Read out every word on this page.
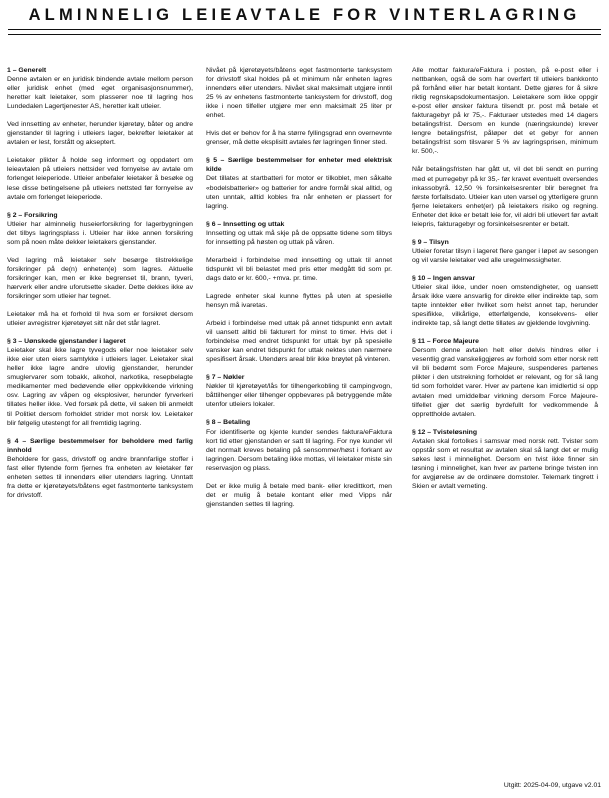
ALMINNELIG LEIEAVTALE FOR VINTERLAGRING
1 – Generelt

Denne avtalen er en juridisk bindende avtale mellom person eller juridisk enhet (med eget organisasjonsnummer), heretter kalt leietaker, som plasserer noe til lagring hos Lundedalen Lagertjenester AS, heretter kalt utleier.

Ved innsetting av enheter, herunder kjøretøy, båter og andre gjenstander til lagring i utleiers lager, bekrefter leietaker at avtalen er lest, forstått og akseptert.

Leietaker plikter å holde seg informert og oppdatert om leieavtalen på utleiers nettsider ved fornyelse av avtale om forlenget leieperiode. Utleier anbefaler leietaker å besøke og lese disse betingelsene på utleiers nettsted før fornyelse av avtale om forlenget leieperiode.

§ 2 – Forsikring

Utleier har alminnelig huseierforsikring for lagerbygningen det tilbys lagringsplass i. Utleier har ikke annen forsikring som på noen måte dekker leietakers gjenstander.

Ved lagring må leietaker selv besørge tilstrekkelige forsikringer på de(n) enheten(e) som lagres. Aktuelle forsikringer kan, men er ikke begrenset til, brann, tyveri, hærverk eller andre uforutsette skader. Dette dekkes ikke av forsikringer som utleier har tegnet.

Leietaker må ha et forhold til hva som er forsikret dersom utleier avregistrer kjøretøyet sitt når det står lagret.

§ 3 – Uønskede gjenstander i lageret

Leietaker skal ikke lagre tyvegods eller noe leietaker selv ikke eier uten eiers samtykke i utleiers lager. Leietaker skal heller ikke lagre andre ulovlig gjenstander, herunder smuglervarer som tobakk, alkohol, narkotika, resepbelagte medikamenter med bedøvende eller oppkvikkende virkning osv. Lagring av våpen og eksplosiver, herunder fyrverkeri tillates heller ikke. Ved forsøk på dette, vil saken bli anmeldt til Politiet dersom forholdet strider mot norsk lov. Leietaker blir følgelig utestengt for all fremtidig lagring.

§ 4 – Særlige bestemmelser for beholdere med farlig innhold

Beholdere for gass, drivstoff og andre brannfarlige stoffer i fast eller flytende form fjernes fra enheten av leietaker før enheten settes til innendørs eller utendørs lagring. Unntatt fra dette er kjøretøyets/båtens eget fastmonterte tanksystem for drivstoff.

Nivået på kjøretøyets/båtens eget fastmonterte tanksystem for drivstoff skal holdes på et minimum når enheten lagres innendørs eller utendørs. Nivået skal maksimalt utgjøre inntil 25 % av enhetens fastmonterte tanksystem for drivstoff, dog ikke i noen tilfeller utgjøre mer enn maksimalt 25 liter pr enhet.

Hvis det er behov for å ha større fyllingsgrad enn overnevnte grenser, må dette eksplisitt avtales før lagringen finner sted.

§ 5 – Særlige bestemmelser for enheter med elektrisk kilde

Det tillates at startbatteri for motor er tilkoblet, men såkalte «bodelsbatterier» og batterier for andre formål skal alltid, og uten unntak, alltid kobles fra når enheten er plassert for lagring.

§ 6 – Innsetting og uttak

Innsetting og uttak må skje på de oppsatte tidene som tilbys for innsetting på høsten og uttak på våren.

Merarbeid i forbindelse med innsetting og uttak til annet tidspunkt vil bli belastet med pris etter medgått tid som pr. dags dato er kr. 600,- +mva. pr. time.

Lagrede enheter skal kunne flyttes på uten at spesielle hensyn må ivaretas.

Arbeid i forbindelse med uttak på annet tidspunkt enn avtalt vil uansett alltid bli fakturert for minst to timer. Hvis det i forbindelse med endret tidspunkt for uttak byr på spesielle vansker kan endret tidspunkt for uttak nektes uten nærmere spesifisert årsak. Utendørs areal blir ikke brøytet på vinteren.

§ 7 – Nøkler

Nøkler til kjøretøyet/lås for tilhengerkobling til campingvogn, båttilhenger eller tilhenger oppbevares på betryggende måte utenfor utleiers lokaler.

§ 8 – Betaling

For identifiserte og kjente kunder sendes faktura/eFaktura kort tid etter gjenstanden er satt til lagring. For nye kunder vil det normalt kreves betaling på sensommer/høst i forkant av lagringen. Dersom betaling ikke mottas, vil leietaker miste sin reservasjon og plass.

Det er ikke mulig å betale med bank- eller kredittkort, men det er mulig å betale kontant eller med Vipps når gjenstanden settes til lagring.

Alle mottar faktura/eFaktura i posten, på e-post eller i nettbanken, også de som har overført til utleiers bankkonto på forhånd eller har betalt kontant. Dette gjøres for å sikre riktig regnskapsdokumentasjon. Leietakere som ikke oppgir e-post eller ønsker faktura tilsendt pr. post må betale et fakturagebyr på kr 75,-. Fakturaer utstedes med 14 dagers betalingsfrist. Dersom en kunde (næringskunde) krever lengre betalingsfrist, påløper det et gebyr for annen betalingsfrist som tilsvarer 5 % av lagringsprisen, minimum kr. 500,-.

Når betalingsfristen har gått ut, vil det bli sendt en purring med et purregebyr på kr 35,- før kravet eventuelt oversendes inkassobyrå. 12,50 % forsinkelsesrenter blir beregnet fra første forfallsdato. Utleier kan uten varsel og ytterligere grunn fjerne leietakers enhet(er) på leietakers risiko og regning. Enheter det ikke er betalt leie for, vil aldri bli utlevert før avtalt leiepris, fakturagebyr og forsinkelsesrenter er betalt.

§ 9 – Tilsyn

Utleier foretar tilsyn i lageret flere ganger i løpet av sesongen og vil varsle leietaker ved alle uregelmessigheter.

§ 10 – Ingen ansvar

Utleier skal ikke, under noen omstendigheter, og uansett årsak ikke være ansvarlig for direkte eller indirekte tap, som tapte inntekter eller hvilket som helst annet tap, herunder spesifikke, vilkårlige, etterfølgende, konsekvens- eller indirekte tap, så langt dette tillates av gjeldende lovgivning.

§ 11 – Force Majeure

Dersom denne avtalen helt eller delvis hindres eller i vesentlig grad vanskeliggjøres av forhold som etter norsk rett vil bli bedømt som Force Majeure, suspenderes partenes plikter i den utstrekning forholdet er relevant, og for så lang tid som forholdet varer. Hver av partene kan imidlertid si opp avtalen med umiddelbar virkning dersom Force Majeure-tilfellet gjør det særlig byrdefullt for vedkommende å opprettholde avtalen.

§ 12 – Tvisteløsning

Avtalen skal fortolkes i samsvar med norsk rett. Tvister som oppstår som et resultat av avtalen skal så langt det er mulig søkes løst i minnelighet. Dersom en tvist ikke finner sin løsning i minnelighet, kan hver av partene bringe tvisten inn for avgjørelse av de ordinære domstoler. Telemark tingrett i Skien er avtalt verneting.

Utgitt: 2025-04-09, utgave v2.01
